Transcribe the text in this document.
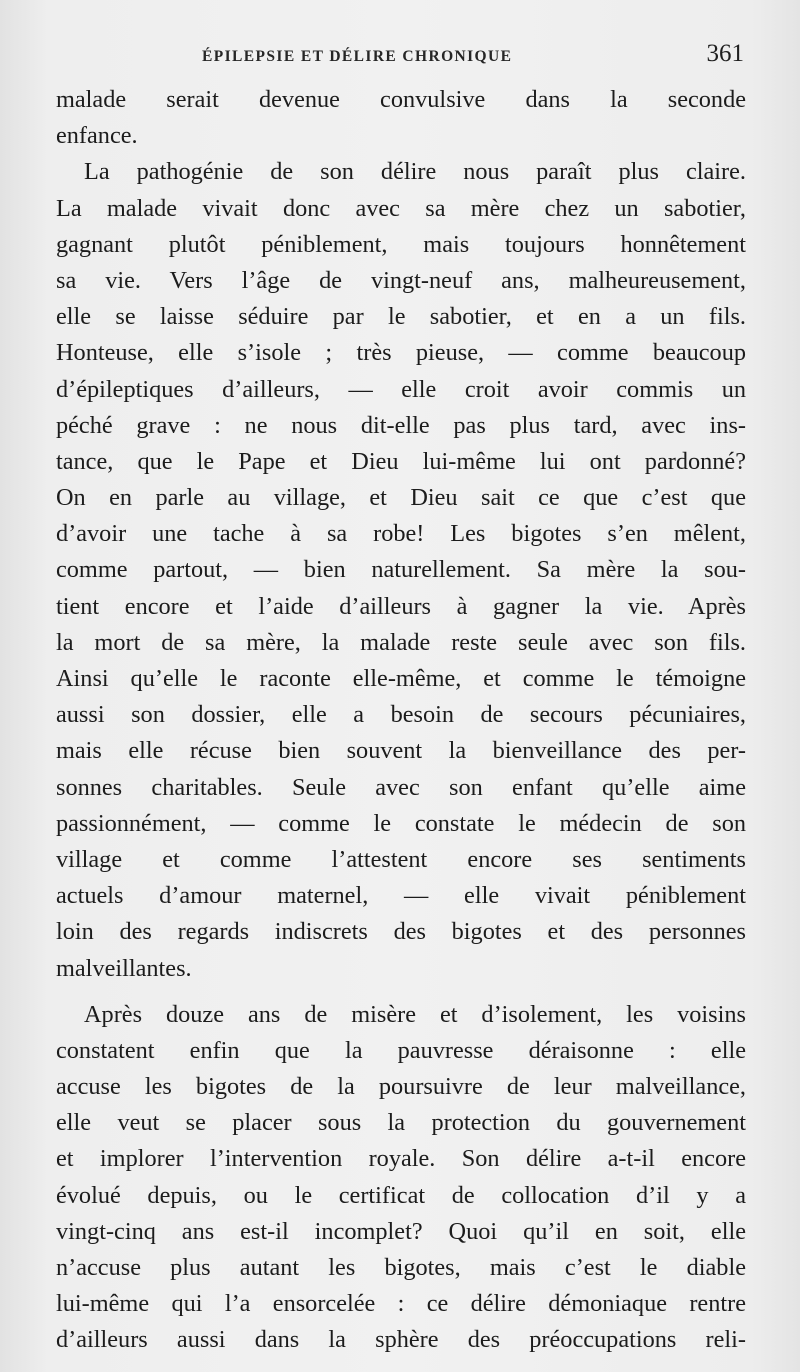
ÉPILEPSIE ET DÉLIRE CHRONIQUE	361
malade serait devenue convulsive dans la seconde
enfance.
La pathogénie de son délire nous paraît plus claire.
La malade vivait donc avec sa mère chez un sabotier,
gagnant plutôt péniblement, mais toujours honnêtement
sa vie. Vers l’âge de vingt-neuf ans, malheureusement,
elle se laisse séduire par le sabotier, et en a un fils.
Honteuse, elle s’isole ; très pieuse, — comme beaucoup
d’épileptiques d’ailleurs, — elle croit avoir commis un
péché grave : ne nous dit-elle pas plus tard, avec ins-
tance, que le Pape et Dieu lui-même lui ont pardonné?
On en parle au village, et Dieu sait ce que c’est que
d’avoir une tache à sa robe! Les bigotes s’en mêlent,
comme partout, — bien naturellement. Sa mère la sou-
tient encore et l’aide d’ailleurs à gagner la vie. Après
la mort de sa mère, la malade reste seule avec son fils.
Ainsi qu’elle le raconte elle-même, et comme le témoigne
aussi son dossier, elle a besoin de secours pécuniaires,
mais elle récuse bien souvent la bienveillance des per-
sonnes charitables. Seule avec son enfant qu’elle aime
passionnément, — comme le constate le médecin de son
village et comme l’attestent encore ses sentiments
actuels d’amour maternel, — elle vivait péniblement
loin des regards indiscrets des bigotes et des personnes
malveillantes.
Après douze ans de misère et d’isolement, les voisins
constatent enfin que la pauvresse déraisonne : elle
accuse les bigotes de la poursuivre de leur malveillance,
elle veut se placer sous la protection du gouvernement
et implorer l’intervention royale. Son délire a-t-il encore
évolué depuis, ou le certificat de collocation d’il y a
vingt-cinq ans est-il incomplet? Quoi qu’il en soit, elle
n’accuse plus autant les bigotes, mais c’est le diable
lui-même qui l’a ensorcelée : ce délire démoniaque rentre
d’ailleurs aussi dans la sphère des préoccupations reli-
